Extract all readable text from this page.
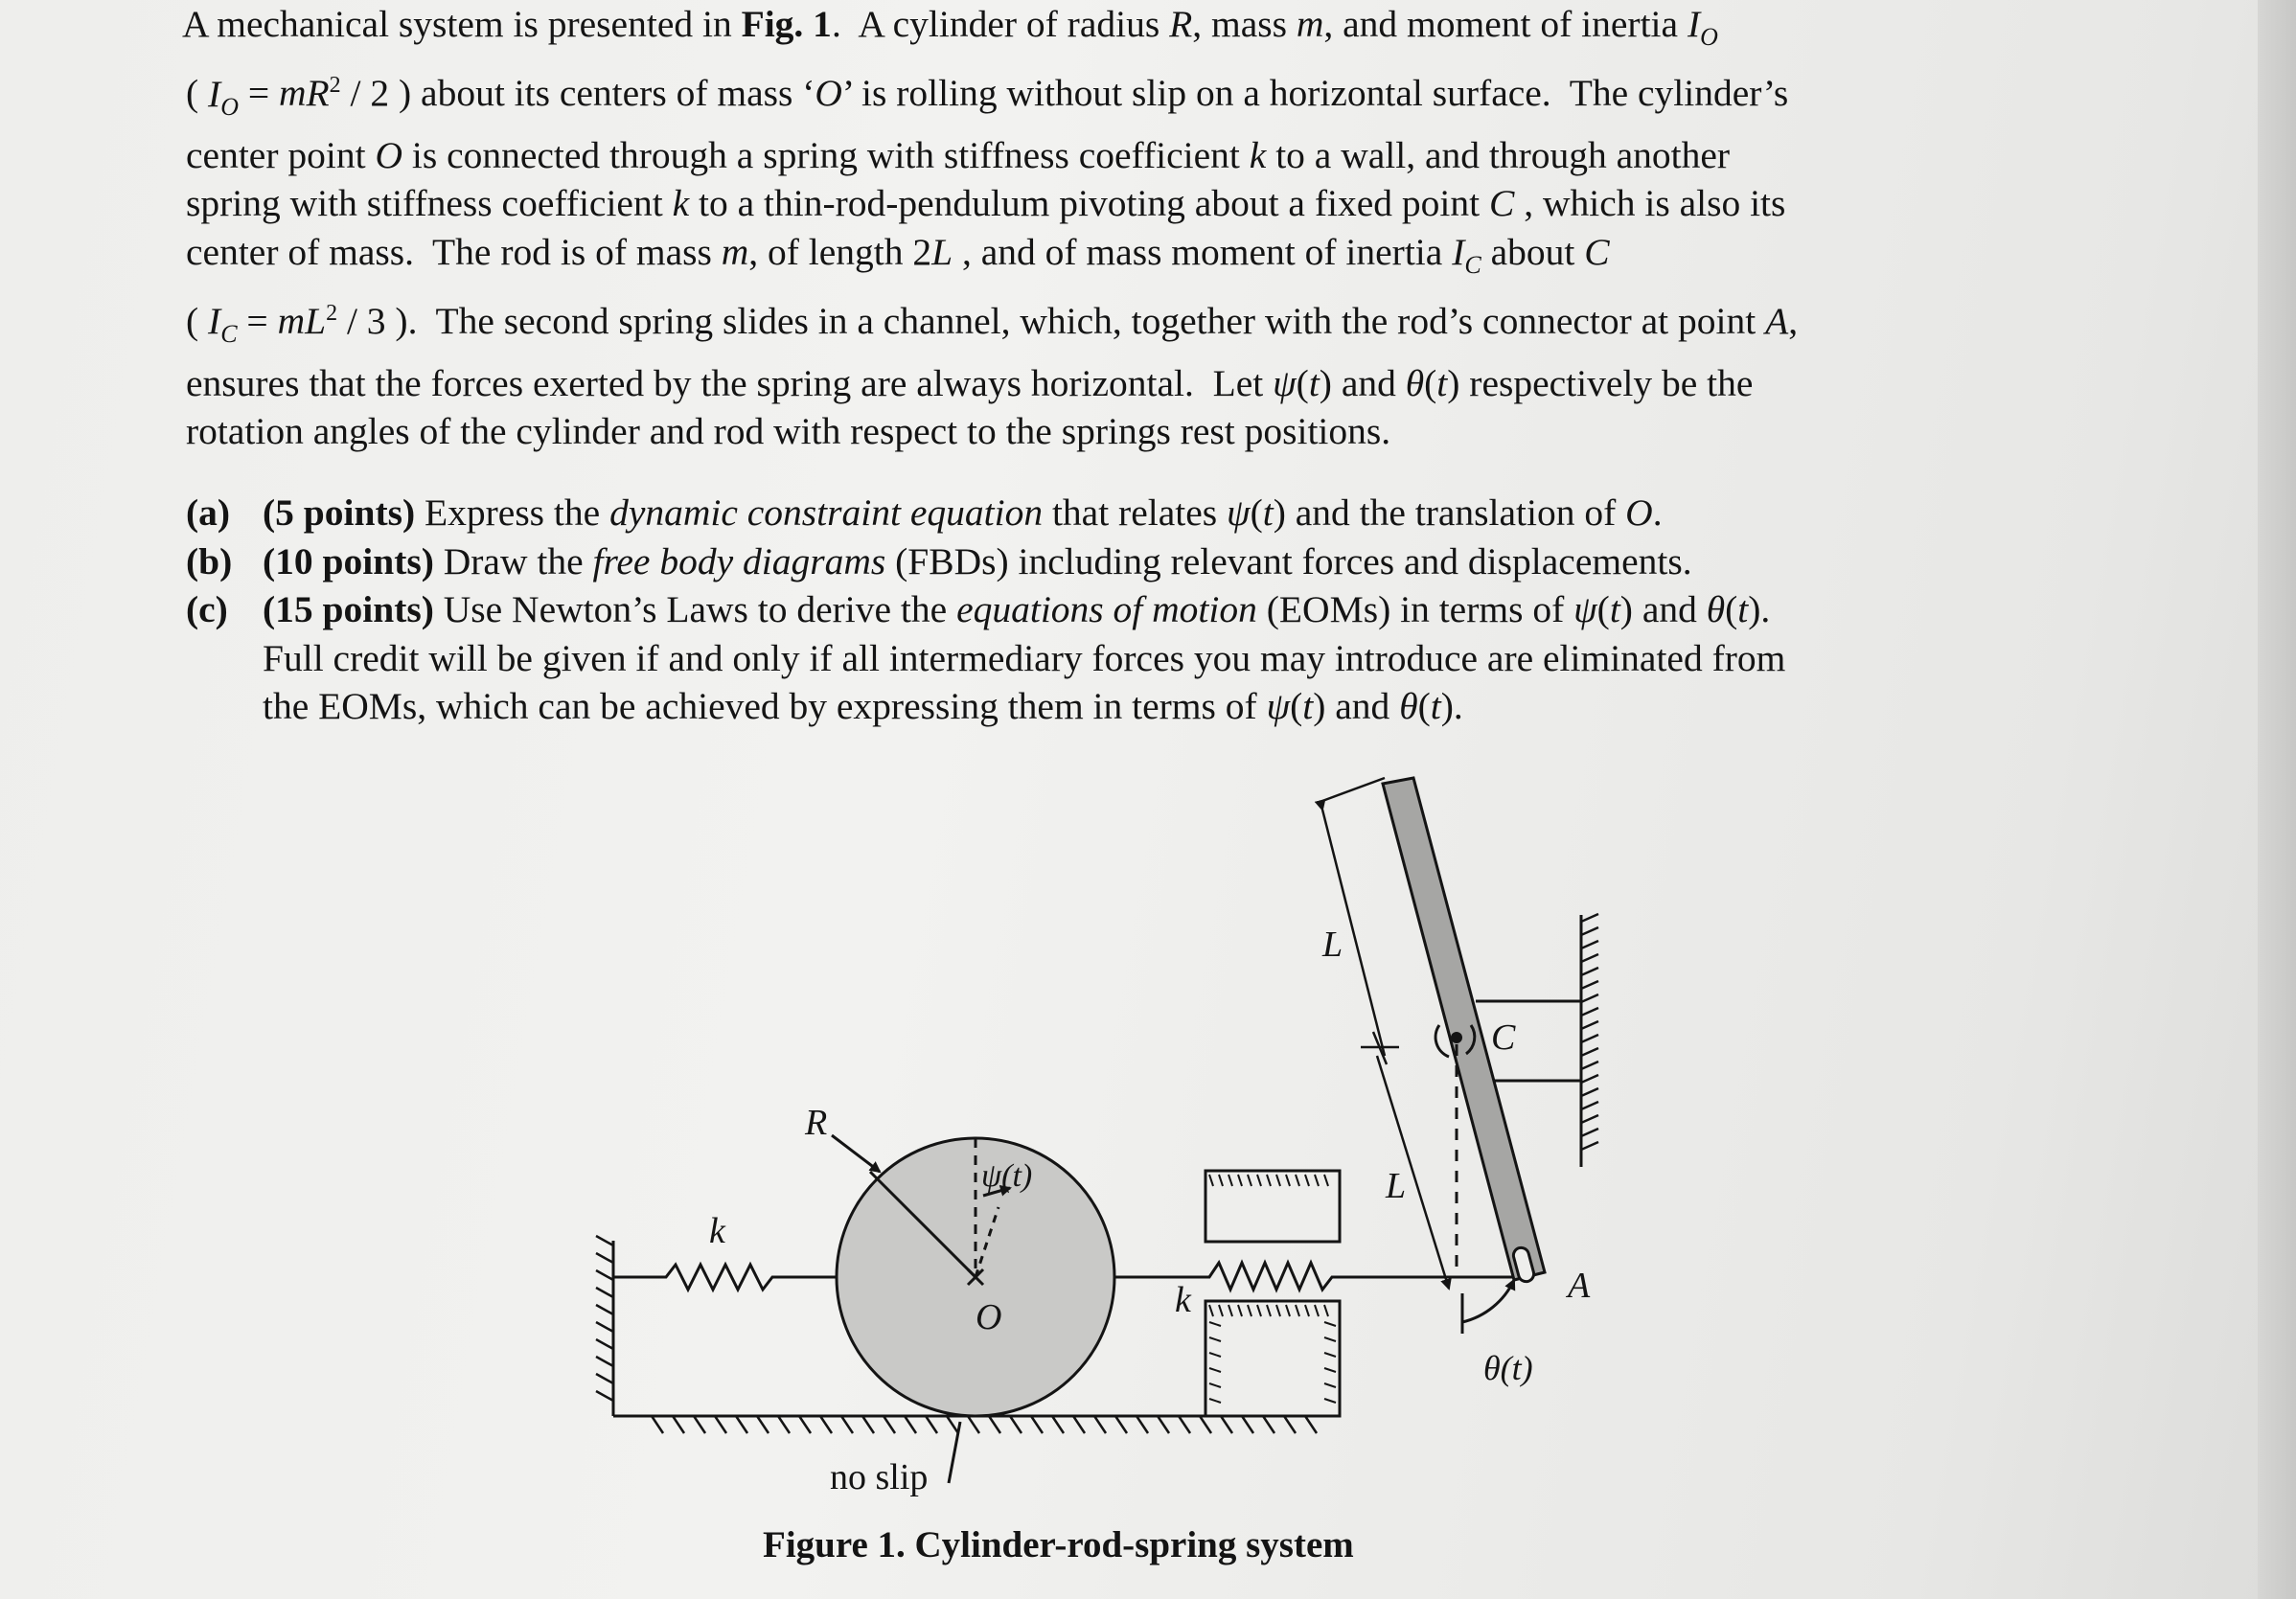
A mechanical system is presented in Fig. 1.  A cylinder of radius R, mass m, and moment of inertia $I_O$

( $I_O = mR^2 / 2$ ) about its centers of mass ‘O’ is rolling without slip on a horizontal surface.  The cylinder’s

center point O is connected through a spring with stiffness coefficient k to a wall, and through another

spring with stiffness coefficient k to a thin-rod-pendulum pivoting about a fixed point C , which is also its

center of mass.  The rod is of mass m, of length 2L , and of mass moment of inertia $I_C$ about C

( $I_C = mL^2 / 3$ ).  The second spring slides in a channel, which, together with the rod’s connector at point A,

ensures that the forces exerted by the spring are always horizontal.  Let ψ(t) and θ(t) respectively be the

rotation angles of the cylinder and rod with respect to the springs rest positions.

(a) (5 points) Express the dynamic constraint equation that relates ψ(t) and the translation of O.
(b) (10 points) Draw the free body diagrams (FBDs) including relevant forces and displacements.
(c) (15 points) Use Newton’s Laws to derive the equations of motion (EOMs) in terms of ψ(t) and θ(t).
Full credit will be given if and only if all intermediary forces you may introduce are eliminated from
the EOMs, which can be achieved by expressing them in terms of ψ(t) and θ(t).
R
k
ψ(t)
O	k
L
L
C
A
θ(t)
no slip
Figure 1. Cylinder-rod-spring system
